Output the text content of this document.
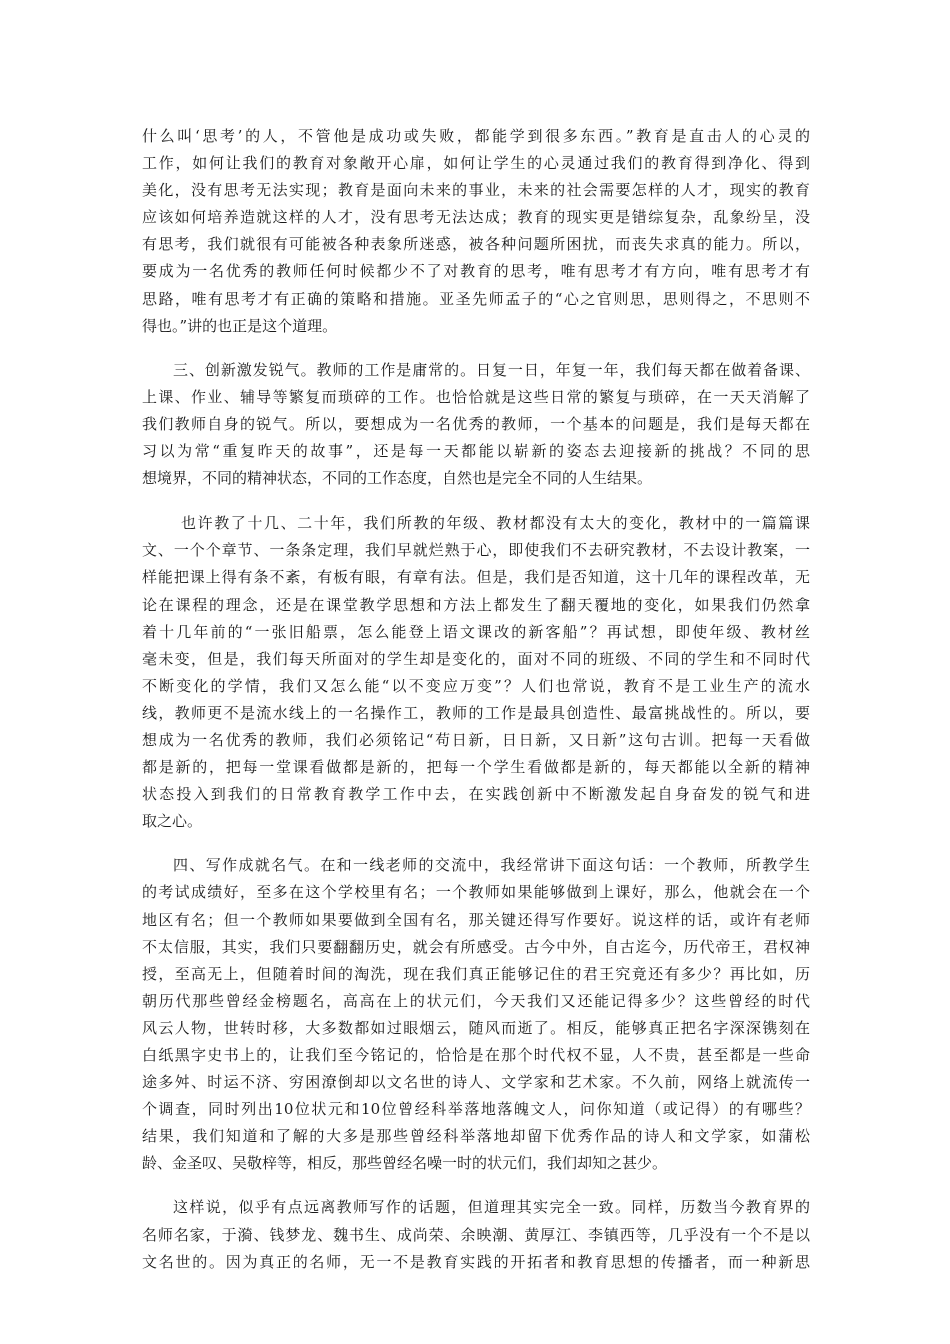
什么叫‘思考’的人，不管他是成功或失败，都能学到很多东西。”教育是直击人的心灵的
工作，如何让我们的教育对象敞开心扉，如何让学生的心灵通过我们的教育得到净化、得到
美化，没有思考无法实现；教育是面向未来的事业，未来的社会需要怎样的人才，现实的教育
应该如何培养造就这样的人才，没有思考无法达成；教育的现实更是错综复杂，乱象纷呈，没
有思考，我们就很有可能被各种表象所迷惑，被各种问题所困扰，而丧失求真的能力。所以，
要成为一名优秀的教师任何时候都少不了对教育的思考，唯有思考才有方向，唯有思考才有
思路，唯有思考才有正确的策略和措施。亚圣先师孟子的“心之官则思，思则得之，不思则不
得也。”讲的也正是这个道理。
三、创新激发锐气。教师的工作是庸常的。日复一日，年复一年，我们每天都在做着备课、
上课、作业、辅导等繁复而琐碎的工作。也恰恰就是这些日常的繁复与琐碎，在一天天消解了
我们教师自身的锐气。所以，要想成为一名优秀的教师，一个基本的问题是，我们是每天都在
习以为常“重复昨天的故事”，还是每一天都能以崭新的姿态去迎接新的挑战？不同的思
想境界，不同的精神状态，不同的工作态度，自然也是完全不同的人生结果。
也许教了十几、二十年，我们所教的年级、教材都没有太大的变化，教材中的一篇篇课
文、一个个章节、一条条定理，我们早就烂熟于心，即使我们不去研究教材，不去设计教案，一
样能把课上得有条不紊，有板有眼，有章有法。但是，我们是否知道，这十几年的课程改革，无
论在课程的理念，还是在课堂教学思想和方法上都发生了翻天覆地的变化，如果我们仍然拿
着十几年前的“一张旧船票，怎么能登上语文课改的新客船”？再试想，即使年级、教材丝
毫未变，但是，我们每天所面对的学生却是变化的，面对不同的班级、不同的学生和不同时代
不断变化的学情，我们又怎么能“以不变应万变”？人们也常说，教育不是工业生产的流水
线，教师更不是流水线上的一名操作工，教师的工作是最具创造性、最富挑战性的。所以，要
想成为一名优秀的教师，我们必须铭记“苟日新，日日新，又日新”这句古训。把每一天看做
都是新的，把每一堂课看做都是新的，把每一个学生看做都是新的，每天都能以全新的精神
状态投入到我们的日常教育教学工作中去，在实践创新中不断激发起自身奋发的锐气和进
取之心。
四、写作成就名气。在和一线老师的交流中，我经常讲下面这句话：一个教师，所教学生
的考试成绩好，至多在这个学校里有名；一个教师如果能够做到上课好，那么，他就会在一个
地区有名；但一个教师如果要做到全国有名，那关键还得写作要好。说这样的话，或许有老师
不太信服，其实，我们只要翻翻历史，就会有所感受。古今中外，自古迄今，历代帝王，君权神
授，至高无上，但随着时间的淘洗，现在我们真正能够记住的君王究竟还有多少？再比如，历
朝历代那些曾经金榜题名，高高在上的状元们，今天我们又还能记得多少？这些曾经的时代
风云人物，世转时移，大多数都如过眼烟云，随风而逝了。相反，能够真正把名字深深镌刻在
白纸黑字史书上的，让我们至今铭记的，恰恰是在那个时代权不显，人不贵，甚至都是一些命
途多舛、时运不济、穷困潦倒却以文名世的诗人、文学家和艺术家。不久前，网络上就流传一
个调查，同时列出10位状元和10位曾经科举落地落魄文人，问你知道（或记得）的有哪些？
结果，我们知道和了解的大多是那些曾经科举落地却留下优秀作品的诗人和文学家，如蒲松
龄、金圣叹、吴敬梓等，相反，那些曾经名噪一时的状元们，我们却知之甚少。
这样说，似乎有点远离教师写作的话题，但道理其实完全一致。同样，历数当今教育界的
名师名家，于漪、钱梦龙、魏书生、成尚荣、余映潮、黄厚江、李镇西等，几乎没有一个不是以
文名世的。因为真正的名师，无一不是教育实践的开拓者和教育思想的传播者，而一种新思
